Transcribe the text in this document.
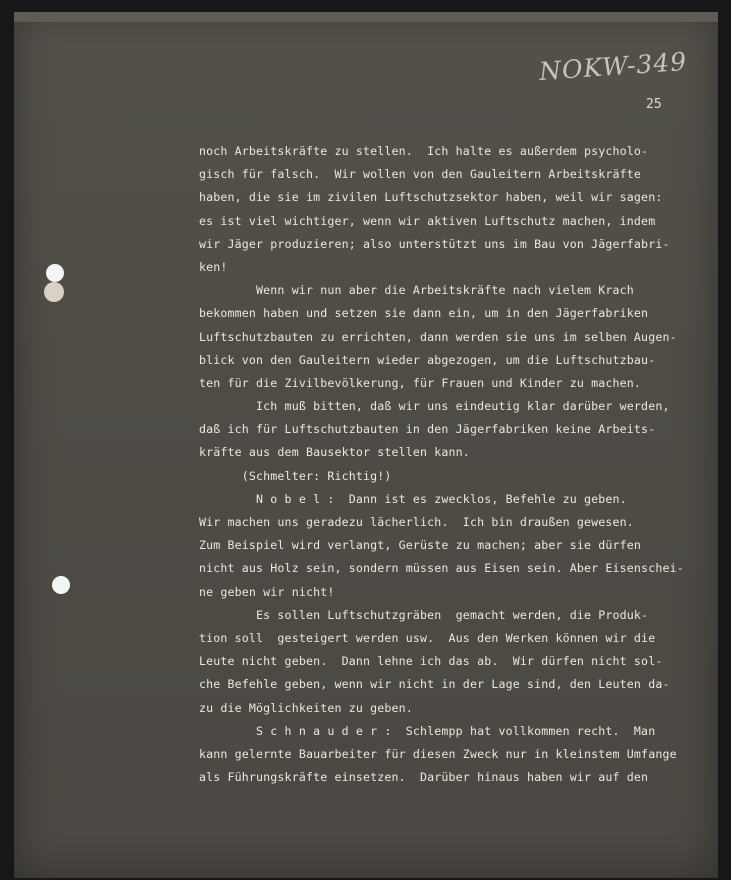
NOKW-349
25
noch Arbeitskräfte zu stellen.  Ich halte es außerdem psycholo-
gisch für falsch.  Wir wollen von den Gauleitern Arbeitskräfte
haben, die sie im zivilen Luftschutzsektor haben, weil wir sagen:
es ist viel wichtiger, wenn wir aktiven Luftschutz machen, indem
wir Jäger produzieren; also unterstützt uns im Bau von Jägerfabri-
ken!
Wenn wir nun aber die Arbeitskräfte nach vielem Krach
bekommen haben und setzen sie dann ein, um in den Jägerfabriken
Luftschutzbauten zu errichten, dann werden sie uns im selben Augen-
blick von den Gauleitern wieder abgezogen, um die Luftschutzbau-
ten für die Zivilbevölkerung, für Frauen und Kinder zu machen.
Ich muß bitten, daß wir uns eindeutig klar darüber werden,
daß ich für Luftschutzbauten in den Jägerfabriken keine Arbeits-
kräfte aus dem Bausektor stellen kann.
(Schmelter: Richtig!)
N o b e l :  Dann ist es zwecklos, Befehle zu geben.
Wir machen uns geradezu lächerlich.  Ich bin draußen gewesen.
Zum Beispiel wird verlangt, Gerüste zu machen; aber sie dürfen
nicht aus Holz sein, sondern müssen aus Eisen sein. Aber Eisenschei-
ne geben wir nicht!
Es sollen Luftschutzgräben  gemacht werden, die Produk-
tion soll  gesteigert werden usw.  Aus den Werken können wir die
Leute nicht geben.  Dann lehne ich das ab.  Wir dürfen nicht sol-
che Befehle geben, wenn wir nicht in der Lage sind, den Leuten da-
zu die Möglichkeiten zu geben.
S c h n a u d e r :  Schlempp hat vollkommen recht.  Man
kann gelernte Bauarbeiter für diesen Zweck nur in kleinstem Umfange
als Führungskräfte einsetzen.  Darüber hinaus haben wir auf den
